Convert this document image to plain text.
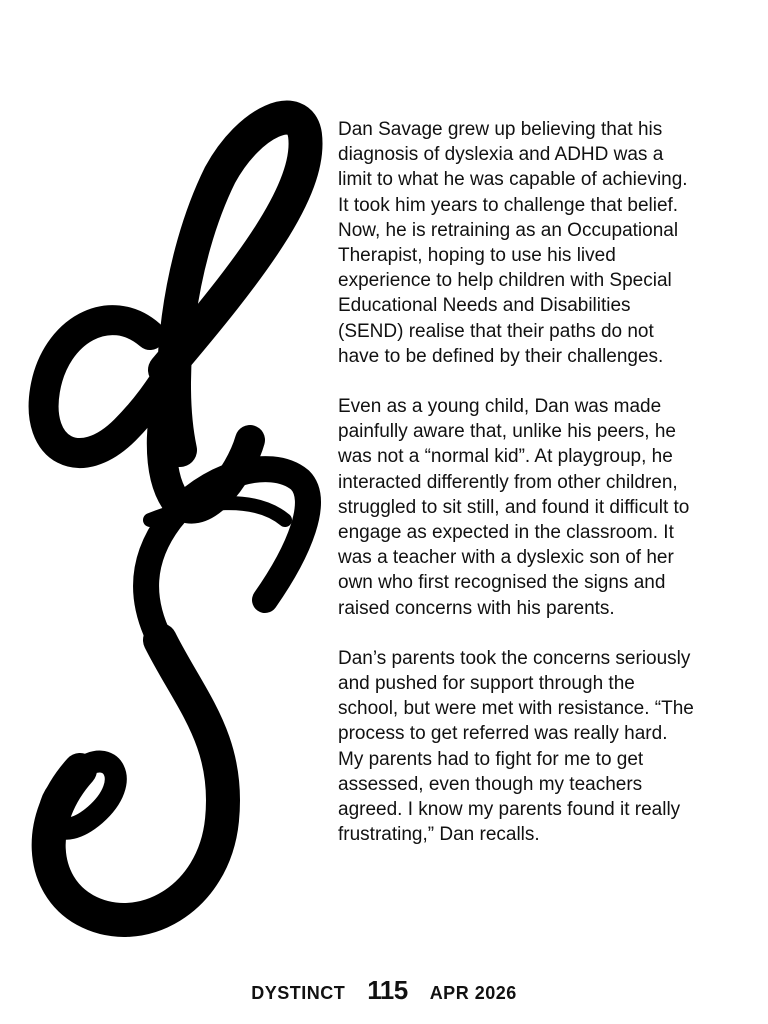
Dan Savage grew up believing that his diagnosis of dyslexia and ADHD was a limit to what he was capable of achieving. It took him years to challenge that belief. Now, he is retraining as an Occupational Therapist, hoping to use his lived experience to help children with Special Educational Needs and Disabilities (SEND) realise that their paths do not have to be defined by their challenges.

Even as a young child, Dan was made painfully aware that, unlike his peers, he was not a “normal kid”. At playgroup, he interacted differently from other children, struggled to sit still, and found it difficult to engage as expected in the classroom. It was a teacher with a dyslexic son of her own who first recognised the signs and raised concerns with his parents.

Dan’s parents took the concerns seriously and pushed for support through the school, but were met with resistance. “The process to get referred was really hard. My parents had to fight for me to get assessed, even though my teachers agreed. I know my parents found it really frustrating,” Dan recalls.

DYSTINCT 115 APR 2026
